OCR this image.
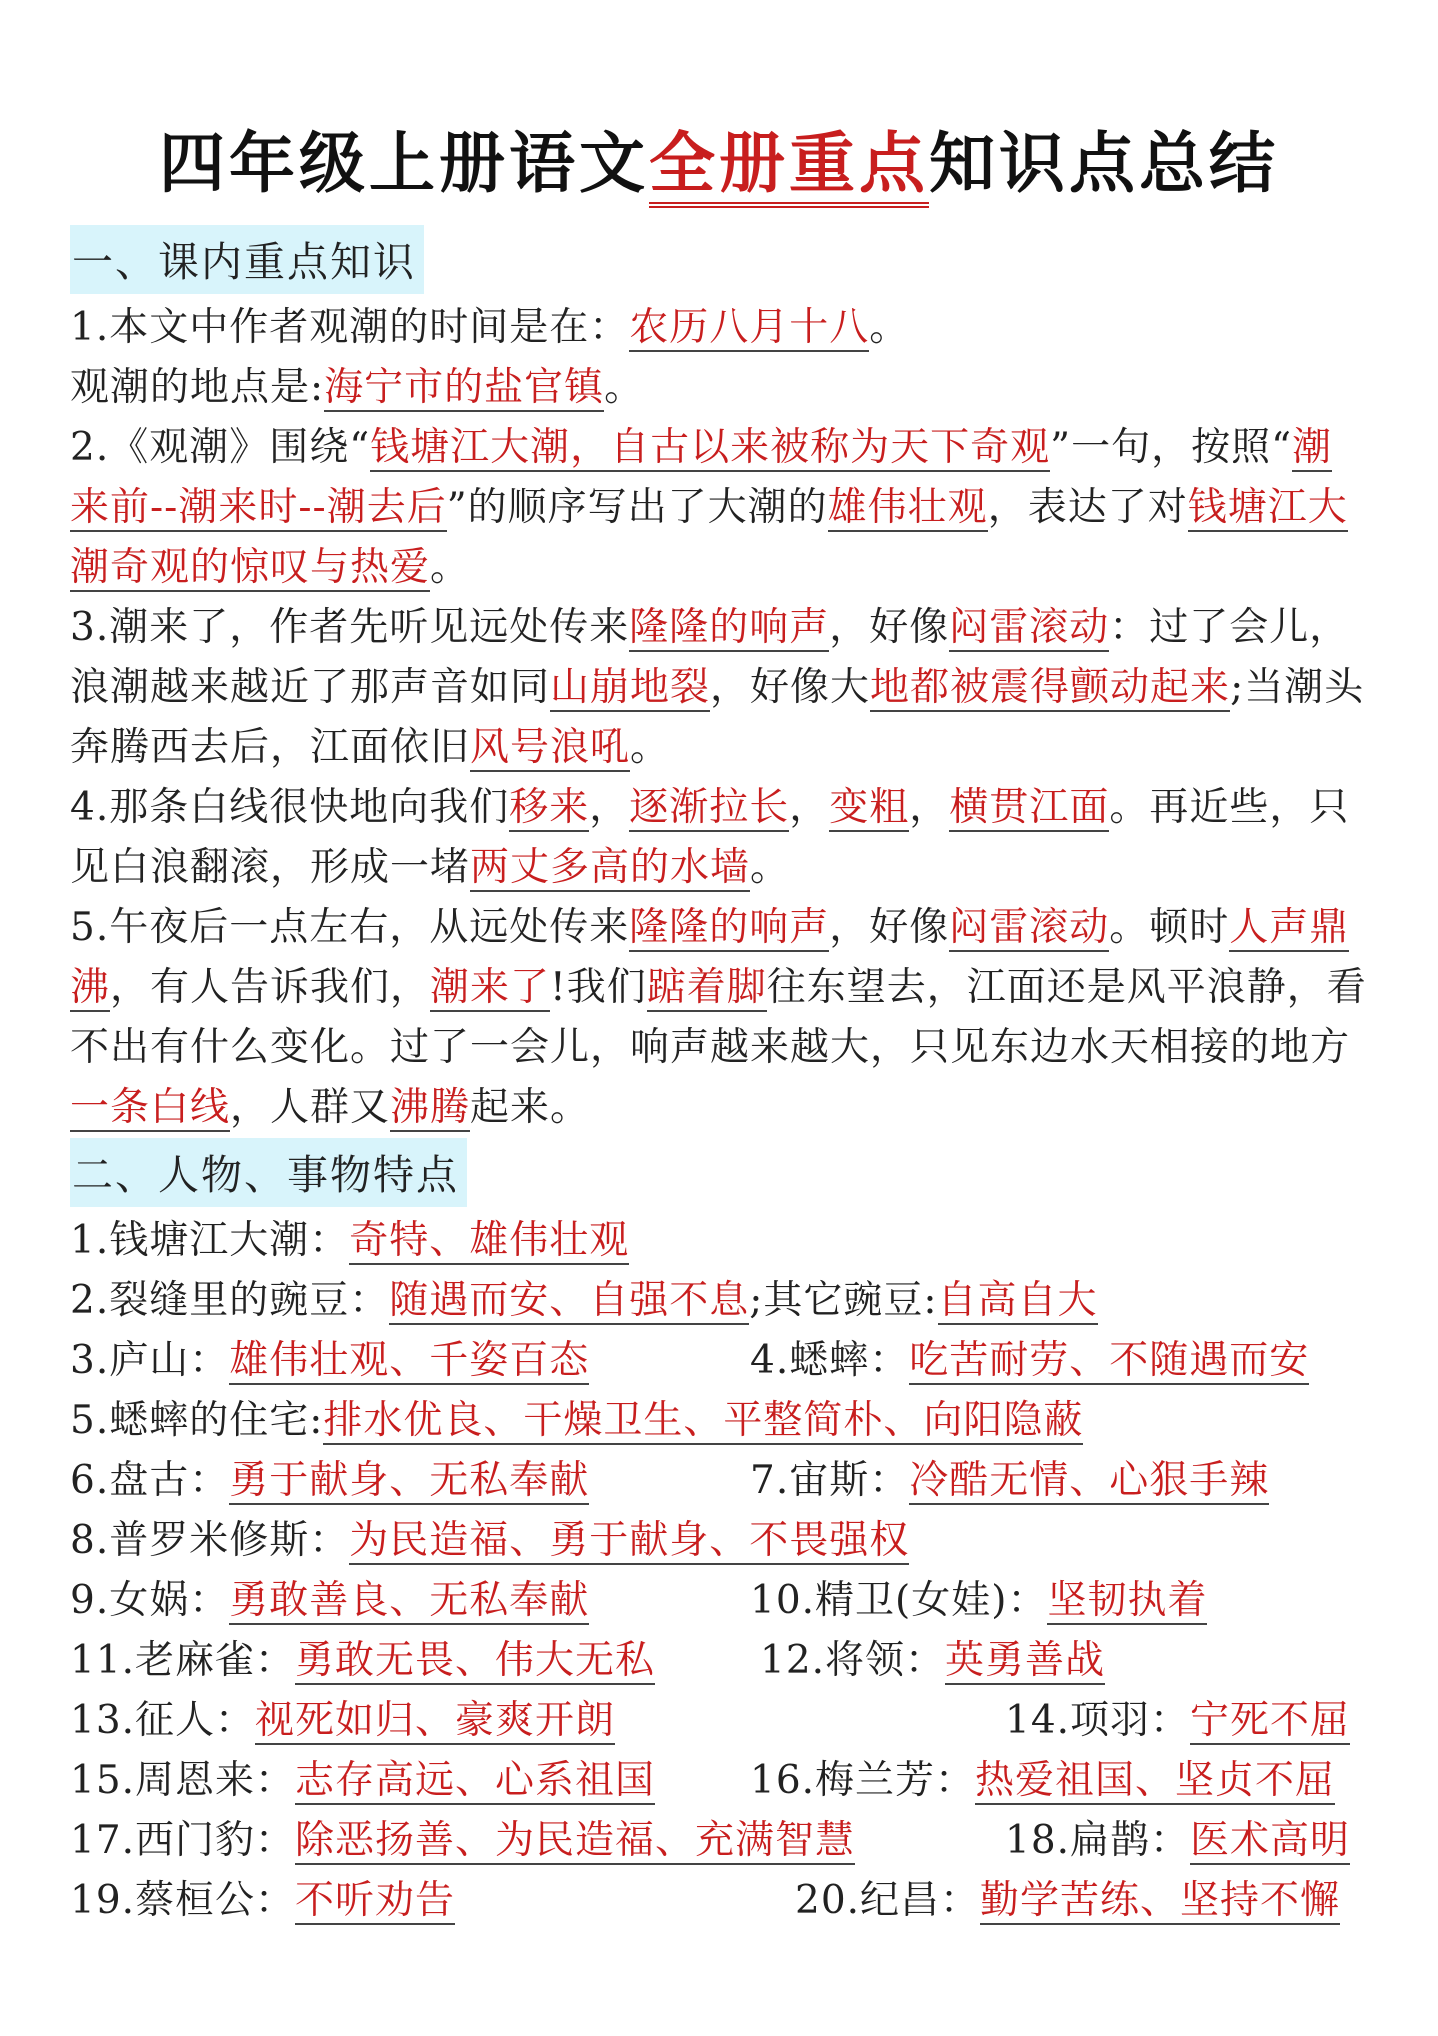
四年级上册语文全册重点知识点总结
一、课内重点知识

1.本文中作者观潮的时间是在：农历八月十八。

观潮的地点是:海宁市的盐官镇。

2.《观潮》围绕“钱塘江大潮，自古以来被称为天下奇观”一句，按照“潮来前--潮来时--潮去后”的顺序写出了大潮的雄伟壮观，表达了对钱塘江大潮奇观的惊叹与热爱。

3.潮来了，作者先听见远处传来隆隆的响声，好像闷雷滚动：过了会儿，浪潮越来越近了那声音如同山崩地裂，好像大地都被震得颤动起来;当潮头奔腾西去后，江面依旧风号浪吼。

4.那条白线很快地向我们移来，逐渐拉长，变粗，横贯江面。再近些，只见白浪翻滚，形成一堵两丈多高的水墙。

5.午夜后一点左右，从远处传来隆隆的响声，好像闷雷滚动。顿时人声鼎沸，有人告诉我们，潮来了!我们踮着脚往东望去，江面还是风平浪静，看不出有什么变化。过了一会儿，响声越来越大，只见东边水天相接的地方一条白线，人群又沸腾起来。

二、人物、事物特点
1.钱塘江大潮：奇特、雄伟壮观
2.裂缝里的豌豆：随遇而安、自强不息;其它豌豆:自高自大
3.庐山：雄伟壮观、千姿百态	4.蟋蟀：吃苦耐劳、不随遇而安
5.蟋蟀的住宅:排水优良、干燥卫生、平整简朴、向阳隐蔽
6.盘古：勇于献身、无私奉献	7.宙斯：冷酷无情、心狠手辣
8.普罗米修斯：为民造福、勇于献身、不畏强权
9.女娲：勇敢善良、无私奉献	10.精卫(女娃)：坚韧执着
11.老麻雀：勇敢无畏、伟大无私	12.将领：英勇善战
13.征人：视死如归、豪爽开朗	14.项羽：宁死不屈
15.周恩来：志存高远、心系祖国 16.梅兰芳：热爱祖国、坚贞不屈
17.西门豹：除恶扬善、为民造福、充满智慧	18.扁鹊：医术高明
19.蔡桓公：不听劝告	20.纪昌：勤学苦练、坚持不懈
